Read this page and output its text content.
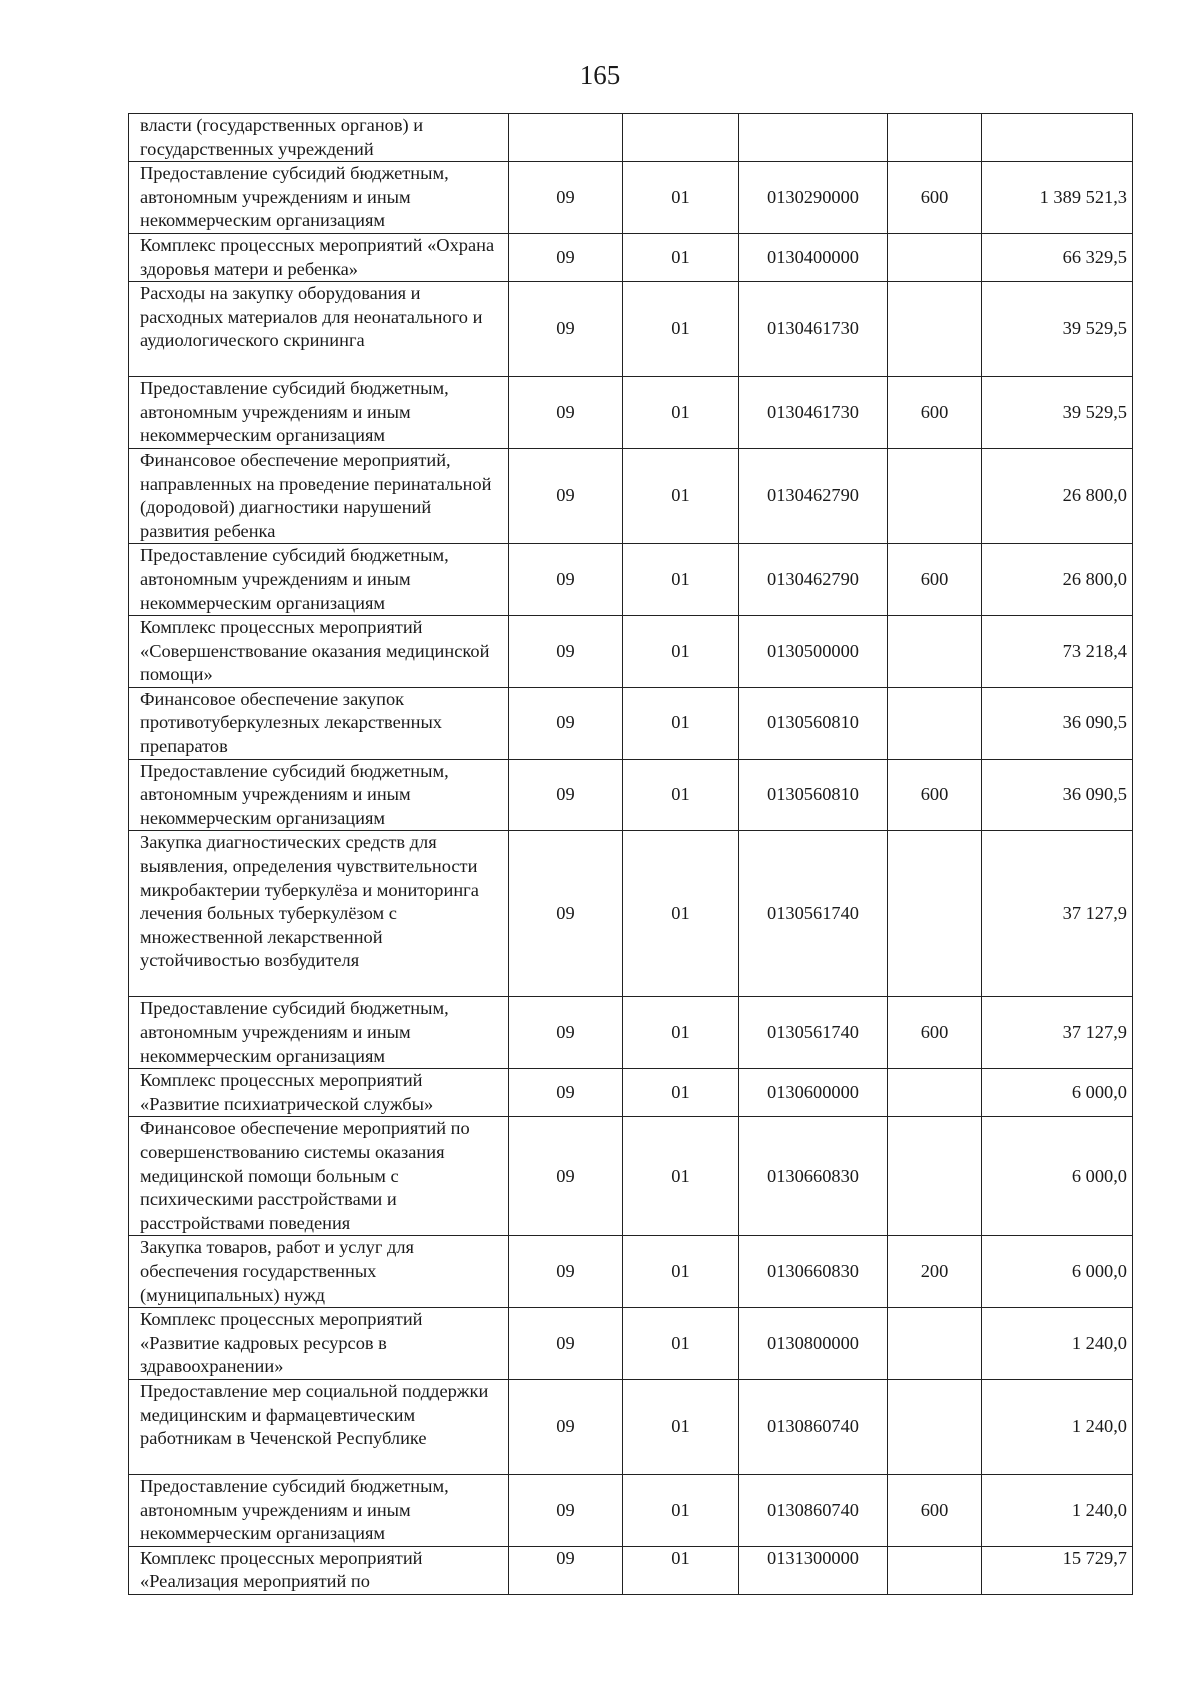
165
власти (государственных органов) и государственных учреждений					
Предоставление субсидий бюджетным, автономным учреждениям и иным некоммерческим организациям	09	01	0130290000	600	1 389 521,3
Комплекс процессных мероприятий «Охрана здоровья матери и ребенка»	09	01	0130400000		66 329,5
Расходы на закупку оборудования и расходных материалов для неонатального и аудиологического скрининга	09	01	0130461730		39 529,5
Предоставление субсидий бюджетным, автономным учреждениям и иным некоммерческим организациям	09	01	0130461730	600	39 529,5
Финансовое обеспечение мероприятий, направленных на проведение перинатальной (дородовой) диагностики нарушений развития ребенка	09	01	0130462790		26 800,0
Предоставление субсидий бюджетным, автономным учреждениям и иным некоммерческим организациям	09	01	0130462790	600	26 800,0
Комплекс процессных мероприятий «Совершенствование оказания медицинской помощи»	09	01	0130500000		73 218,4
Финансовое обеспечение закупок противотуберкулезных лекарственных препаратов	09	01	0130560810		36 090,5
Предоставление субсидий бюджетным, автономным учреждениям и иным некоммерческим организациям	09	01	0130560810	600	36 090,5
Закупка диагностических средств для выявления, определения чувствительности микробактерии туберкулёза и мониторинга лечения больных туберкулёзом с множественной лекарственной устойчивостью возбудителя	09	01	0130561740		37 127,9
Предоставление субсидий бюджетным, автономным учреждениям и иным некоммерческим организациям	09	01	0130561740	600	37 127,9
Комплекс процессных мероприятий «Развитие психиатрической службы»	09	01	0130600000		6 000,0
Финансовое обеспечение мероприятий по совершенствованию системы оказания медицинской помощи больным с психическими расстройствами и расстройствами поведения	09	01	0130660830		6 000,0
Закупка товаров, работ и услуг для обеспечения государственных (муниципальных) нужд	09	01	0130660830	200	6 000,0
Комплекс процессных мероприятий «Развитие кадровых ресурсов в здравоохранении»	09	01	0130800000		1 240,0
Предоставление мер социальной поддержки медицинским и фармацевтическим работникам в Чеченской Республике	09	01	0130860740		1 240,0
Предоставление субсидий бюджетным, автономным учреждениям и иным некоммерческим организациям	09	01	0130860740	600	1 240,0
Комплекс процессных мероприятий «Реализация мероприятий по	09	01	0131300000		15 729,7
